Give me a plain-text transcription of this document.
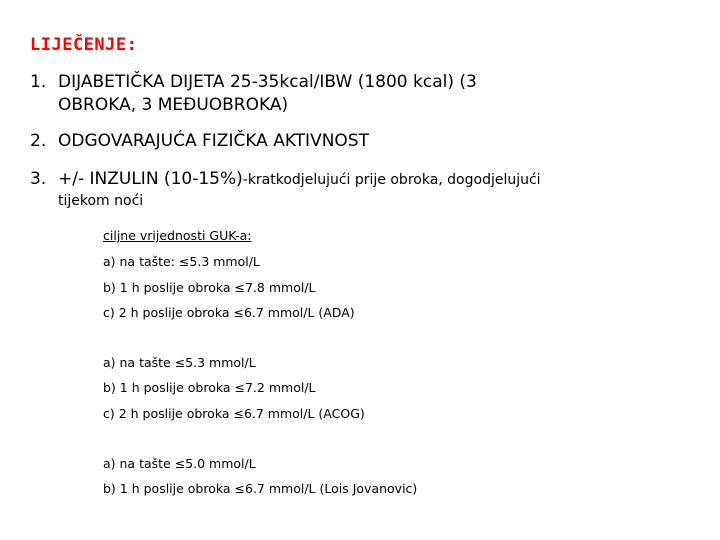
LIJEČENJE:
1. DIJABETIČKA DIJETA 25-35kcal/IBW (1800 kcal) (3
OBROKA, 3 MEĐUOBROKA)
2. ODGOVARAJUĆA FIZIČKA AKTIVNOST
3. +/- INZULIN (10-15%)-kratkodjelujući prije obroka, dogodjelujući
tijekom noći
ciljne vrijednosti GUK-a:
a) na tašte: ≤5.3 mmol/L
b) 1 h poslije obroka ≤7.8 mmol/L
c) 2 h poslije obroka ≤6.7 mmol/L (ADA)
a) na tašte ≤5.3 mmol/L
b) 1 h poslije obroka ≤7.2 mmol/L
c) 2 h poslije obroka ≤6.7 mmol/L (ACOG)
a) na tašte ≤5.0 mmol/L
b) 1 h poslije obroka ≤6.7 mmol/L (Lois Jovanovic)
